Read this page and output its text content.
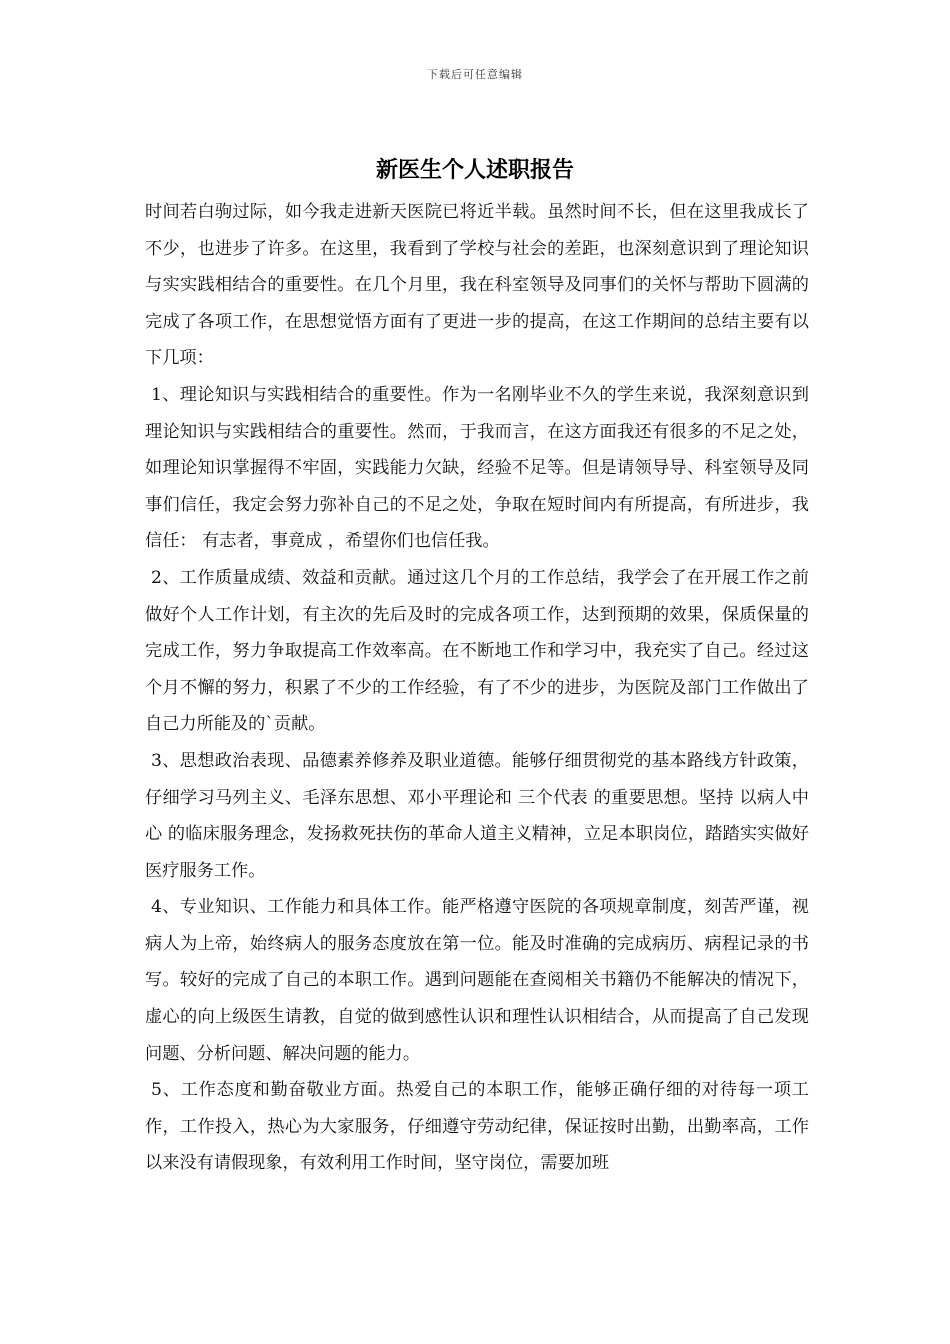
下载后可任意编辑
新医生个人述职报告

时间若白驹过际，如今我走进新天医院已将近半载。虽然时间不长，但在这里我成长了不少，也进步了许多。在这里，我看到了学校与社会的差距，也深刻意识到了理论知识与实实践相结合的重要性。在几个月里，我在科室领导及同事们的关怀与帮助下圆满的完成了各项工作，在思想觉悟方面有了更进一步的提高，在这工作期间的总结主要有以下几项：

1、理论知识与实践相结合的重要性。作为一名刚毕业不久的学生来说，我深刻意识到理论知识与实践相结合的重要性。然而，于我而言，在这方面我还有很多的不足之处，如理论知识掌握得不牢固，实践能力欠缺，经验不足等。但是请领导导、科室领导及同事们信任，我定会努力弥补自己的不足之处，争取在短时间内有所提高，有所进步，我信任： 有志者，事竟成 ，希望你们也信任我。

2、工作质量成绩、效益和贡献。通过这几个月的工作总结，我学会了在开展工作之前做好个人工作计划，有主次的先后及时的完成各项工作，达到预期的效果，保质保量的完成工作，努力争取提高工作效率高。在不断地工作和学习中，我充实了自己。经过这个月不懈的努力，积累了不少的工作经验，有了不少的进步，为医院及部门工作做出了自己力所能及的`贡献。

3、思想政治表现、品德素养修养及职业道德。能够仔细贯彻党的基本路线方针政策，仔细学习马列主义、毛泽东思想、邓小平理论和 三个代表 的重要思想。坚持 以病人中心 的临床服务理念，发扬救死扶伤的革命人道主义精神，立足本职岗位，踏踏实实做好医疗服务工作。

4、专业知识、工作能力和具体工作。能严格遵守医院的各项规章制度，刻苦严谨，视病人为上帝，始终病人的服务态度放在第一位。能及时准确的完成病历、病程记录的书写。较好的完成了自己的本职工作。遇到问题能在查阅相关书籍仍不能解决的情况下，虚心的向上级医生请教，自觉的做到感性认识和理性认识相结合，从而提高了自己发现问题、分析问题、解决问题的能力。

5、工作态度和勤奋敬业方面。热爱自己的本职工作，能够正确仔细的对待每一项工作，工作投入，热心为大家服务，仔细遵守劳动纪律，保证按时出勤，出勤率高，工作以来没有请假现象，有效利用工作时间，坚守岗位，需要加班
